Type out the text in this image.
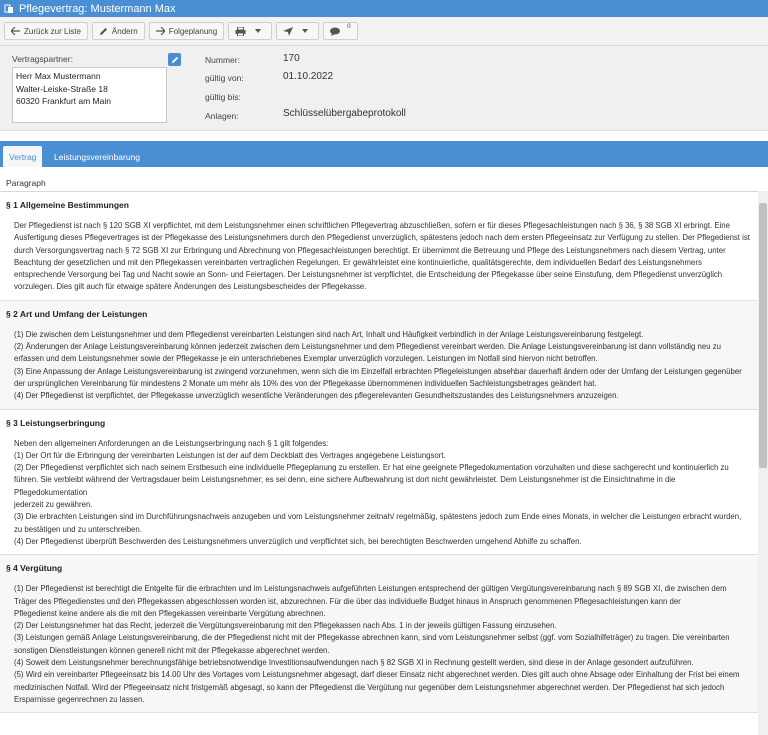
Pflegevertrag: Mustermann Max
Zurück zur Liste	Ändern	Folgeplanung	0
Vertragspartner:
Herr Max Mustermann
Walter-Leiske-Straße 18
60320 Frankfurt am Main
Nummer:	170
gültig von:	01.10.2022
gültig bis:
Anlagen:	Schlüsselübergabeprotokoll
Vertrag	Leistungsvereinbarung
Paragraph
§ 1 Allgemeine Bestimmungen

Der Pflegedienst ist nach § 120 SGB XI verpflichtet, mit dem Leistungsnehmer einen schriftlichen Pflegevertrag abzuschließen, sofern er für dieses Pflegesachleistungen nach § 36, § 38 SGB XI erbringt. Eine Ausfertigung dieses Pflegevertrages ist der Pflegekasse des Leistungsnehmers durch den Pflegedienst unverzüglich, spätestens jedoch nach dem ersten Pflegeeinsatz zur Verfügung zu stellen. Der Pflegedienst ist durch Versorgungsvertrag nach § 72 SGB XI zur Erbringung und Abrechnung von Pflegesachleistungen berechtigt. Er übernimmt die Betreuung und Pflege des Leistungsnehmers nach diesem Vertrag, unter Beachtung der gesetzlichen und mit den Pflegekassen vereinbarten vertraglichen Regelungen. Er gewährleistet eine kontinuierliche, qualitätsgerechte, dem individuellen Bedarf des Leistungsnehmers entsprechende Versorgung bei Tag und Nacht sowie an Sonn- und Feiertagen. Der Leistungsnehmer ist verpflichtet, die Entscheidung der Pflegekasse über seine Einstufung, dem Pflegedienst unverzüglich vorzulegen. Dies gilt auch für etwaige spätere Änderungen des Leistungsbescheides der Pflegekasse.

§ 2 Art und Umfang der Leistungen

(1) Die zwischen dem Leistungsnehmer und dem Pflegedienst vereinbarten Leistungen sind nach Art, Inhalt und Häufigkeit verbindlich in der Anlage Leistungsvereinbarung festgelegt.

(2) Änderungen der Anlage Leistungsvereinbarung können jederzeit zwischen dem Leistungsnehmer und dem Pflegedienst vereinbart werden. Die Anlage Leistungsvereinbarung ist dann vollständig neu zu erfassen und dem Leistungsnehmer sowie der Pflegekasse je ein unterschriebenes Exemplar unverzüglich vorzulegen. Leistungen im Notfall sind hiervon nicht betroffen.

(3) Eine Anpassung der Anlage Leistungsvereinbarung ist zwingend vorzunehmen, wenn sich die im Einzelfall erbrachten Pflegeleistungen absehbar dauerhaft ändern oder der Umfang der Leistungen gegenüber der ursprünglichen Vereinbarung für mindestens 2 Monate um mehr als 10% des von der Pflegekasse übernommenen individuellen Sachleistungsbetrages geändert hat.

(4) Der Pflegedienst ist verpflichtet, der Pflegekasse unverzüglich wesentliche Veränderungen des pflegerelevanten Gesundheitszustandes des Leistungsnehmers anzuzeigen.

§ 3 Leistungserbringung

Neben den allgemeinen Anforderungen an die Leistungserbringung nach § 1 gilt folgendes:

(1) Der Ort für die Erbringung der vereinbarten Leistungen ist der auf dem Deckblatt des Vertrages angegebene Leistungsort.

(2) Der Pflegedienst verpflichtet sich nach seinem Erstbesuch eine individuelle Pflegeplanung zu erstellen. Er hat eine geeignete Pflegedokumentation vorzuhalten und diese sachgerecht und kontinuierlich zu führen. Sie verbleibt während der Vertragsdauer beim Leistungsnehmer; es sei denn, eine sichere Aufbewahrung ist dort nicht gewährleistet. Dem Leistungsnehmer ist die Einsichtnahme in die Pflegedokumentation

jederzeit zu gewähren.

(3) Die erbrachten Leistungen sind im Durchführungsnachweis anzugeben und vom Leistungsnehmer zeitnah/ regelmäßig, spätestens jedoch zum Ende eines Monats, in welcher die Leistungen erbracht wurden, zu bestätigen und zu unterschreiben.

(4) Der Pflegedienst überprüft Beschwerden des Leistungsnehmers unverzüglich und verpflichtet sich, bei berechtigten Beschwerden umgehend Abhilfe zu schaffen.

§ 4 Vergütung

(1) Der Pflegedienst ist berechtigt die Entgelte für die erbrachten und im Leistungsnachweis aufgeführten Leistungen entsprechend der gültigen Vergütungsvereinbarung nach § 89 SGB XI, die zwischen dem Träger des Pflegedienstes und den Pflegekassen abgeschlossen worden ist, abzurechnen. Für die über das individuelle Budget hinaus in Anspruch genommenen Pflegesachleistungen kann der

Pflegedienst keine andere als die mit den Pflegekassen vereinbarte Vergütung abrechnen.

(2) Der Leistungsnehmer hat das Recht, jederzeit die Vergütungsvereinbarung mit den Pflegekassen nach Abs. 1 in der jeweils gültigen Fassung einzusehen.

(3) Leistungen gemäß Anlage Leistungsvereinbarung, die der Pflegedienst nicht mit der Pflegekasse abrechnen kann, sind vom Leistungsnehmer selbst (ggf. vom Sozialhilfeträger) zu tragen. Die vereinbarten sonstigen Dienstleistungen können generell nicht mit der Pflegekasse abgerechnet werden.

(4) Soweit dem Leistungsnehmer berechnungsfähige betriebsnotwendige Investitionsaufwendungen nach § 82 SGB XI in Rechnung gestellt werden, sind diese in der Anlage gesondert aufzuführen.

(5) Wird ein vereinbarter Pflegeeinsatz bis 14.00 Uhr des Vortages vom Leistungsnehmer abgesagt, darf dieser Einsatz nicht abgerechnet werden. Dies gilt auch ohne Absage oder Einhaltung der Frist bei einem medizinischen Notfall. Wird der Pflegeeinsatz nicht fristgemäß abgesagt, so kann der Pflegedienst die Vergütung nur gegenüber dem Leistungsnehmer abgerechnet werden. Der Pflegedienst hat sich jedoch Ersparnisse gegenrechnen zu lassen.
